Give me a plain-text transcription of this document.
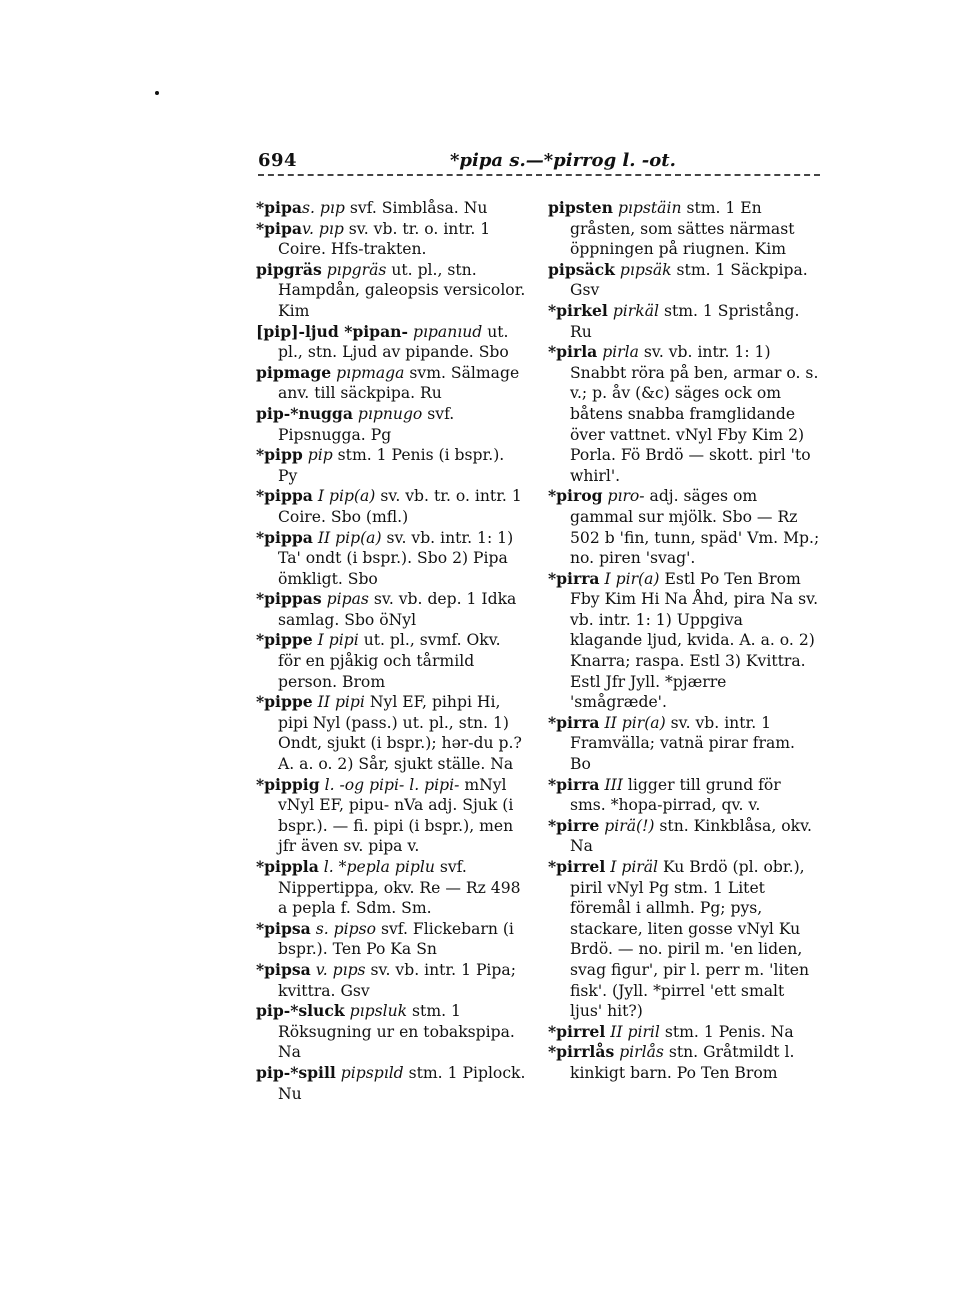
694	*pipa s.—*pirrog l. -ot.

*pipas. pıp svf. Simblåsa. Nu

*pipav. pıp sv. vb. tr. o. intr. 1 Coire. Hfs-trakten.

pipgräs pıpgräs ut. pl., stn. Hampdån, galeopsis versicolor. Kim

[pip]-ljud *pipan- pıpanıud ut. pl., stn. Ljud av pipande. Sbo

pipmage pıpmaga svm. Sälmage anv. till säckpipa. Ru

pip-*nugga pıpnugo svf. Pipsnugga. Pg

*pipp pip stm. 1 Penis (i bspr.). Py

*pippa I pip(a) sv. vb. tr. o. intr. 1 Coire. Sbo (mfl.)

*pippa II pip(a) sv. vb. intr. 1: 1) Ta' ondt (i bspr.). Sbo 2) Pipa ömkligt. Sbo

*pippas pipas sv. vb. dep. 1 Idka samlag. Sbo öNyl

*pippe I pipi ut. pl., svmf. Okv. för en pjåkig och tårmild person. Brom

*pippe II pipi Nyl EF, pihpi Hi, pipi Nyl (pass.) ut. pl., stn. 1) Ondt, sjukt (i bspr.); hər-du p.? A. a. o. 2) Sår, sjukt ställe. Na

*pippig l. -og pipi- l. pipi- mNyl vNyl EF, pipu- nVa adj. Sjuk (i bspr.). — fi. pipi (i bspr.), men jfr även sv. pipa v.

*pippla l. *pepla piplu svf. Nippertippa, okv. Re — Rz 498 a pepla f. Sdm. Sm.

*pipsa s. pipso svf. Flickebarn (i bspr.). Ten Po Ka Sn

*pipsa v. pıps sv. vb. intr. 1 Pipa; kvittra. Gsv

pip-*sluck pıpsluk stm. 1 Röksugning ur en tobakspipa. Na

pip-*spill pipspıld stm. 1 Piplock. Nu

pipsten pıpstäin stm. 1 En gråsten, som sättes närmast öppningen på riugnen. Kim

pipsäck pıpsäk stm. 1 Säckpipa. Gsv

*pirkel pirkäl stm. 1 Spristång. Ru

*pirla pirla sv. vb. intr. 1: 1) Snabbt röra på ben, armar o. s. v.; p. åv (&c) säges ock om båtens snabba framglidande över vattnet. vNyl Fby Kim 2) Porla. Fö Brdö — skott. pirl 'to whirl'.

*pirog pıro- adj. säges om gammal sur mjölk. Sbo — Rz 502 b 'fin, tunn, späd' Vm. Mp.; no. piren 'svag'.

*pirra I pir(a) Estl Po Ten Brom Fby Kim Hi Na Åhd, pira Na sv. vb. intr. 1: 1) Uppgiva klagande ljud, kvida. A. a. o. 2) Knarra; raspa. Estl 3) Kvittra. Estl Jfr Jyll. *pjærre 'smågræde'.

*pirra II pir(a) sv. vb. intr. 1 Framvälla; vatnä pirar fram. Bo

*pirra III ligger till grund för sms. *hopa-pirrad, qv. v.

*pirre pirä(!) stn. Kinkblåsa, okv. Na

*pirrel I piräl Ku Brdö (pl. obr.), piril vNyl Pg stm. 1 Litet föremål i allmh. Pg; pys, stackare, liten gosse vNyl Ku Brdö. — no. piril m. 'en liden, svag figur', pir l. perr m. 'liten fisk'. (Jyll. *pirrel 'ett smalt ljus' hit?)

*pirrel II piril stm. 1 Penis. Na

*pirrlås pirlås stn. Gråtmildt l. kinkigt barn. Po Ten Brom
